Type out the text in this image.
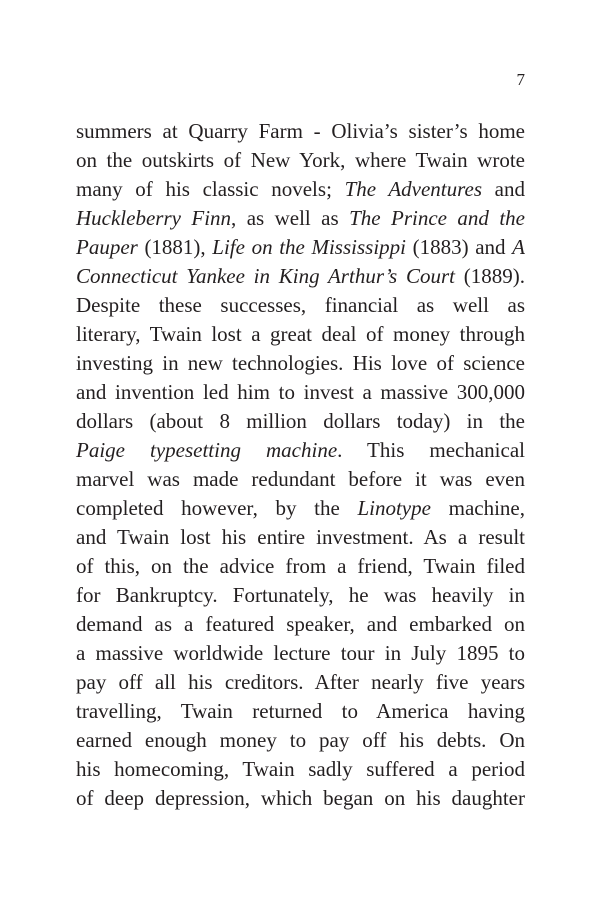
7
summers at Quarry Farm - Olivia’s sister’s home
on the outskirts of New York, where Twain wrote
many of his classic novels; The Adventures and
Huckleberry Finn, as well as The Prince and the
Pauper (1881), Life on the Mississippi (1883) and A
Connecticut Yankee in King Arthur’s Court (1889).
Despite these successes, financial as well as
literary, Twain lost a great deal of money through
investing in new technologies. His love of science
and invention led him to invest a massive 300,000
dollars (about 8 million dollars today) in the
Paige typesetting machine. This mechanical
marvel was made redundant before it was even
completed however, by the Linotype machine,
and Twain lost his entire investment. As a result
of this, on the advice from a friend, Twain filed
for Bankruptcy. Fortunately, he was heavily in
demand as a featured speaker, and embarked on
a massive worldwide lecture tour in July 1895 to
pay off all his creditors. After nearly five years
travelling, Twain returned to America having
earned enough money to pay off his debts. On
his homecoming, Twain sadly suffered a period
of deep depression, which began on his daughter
